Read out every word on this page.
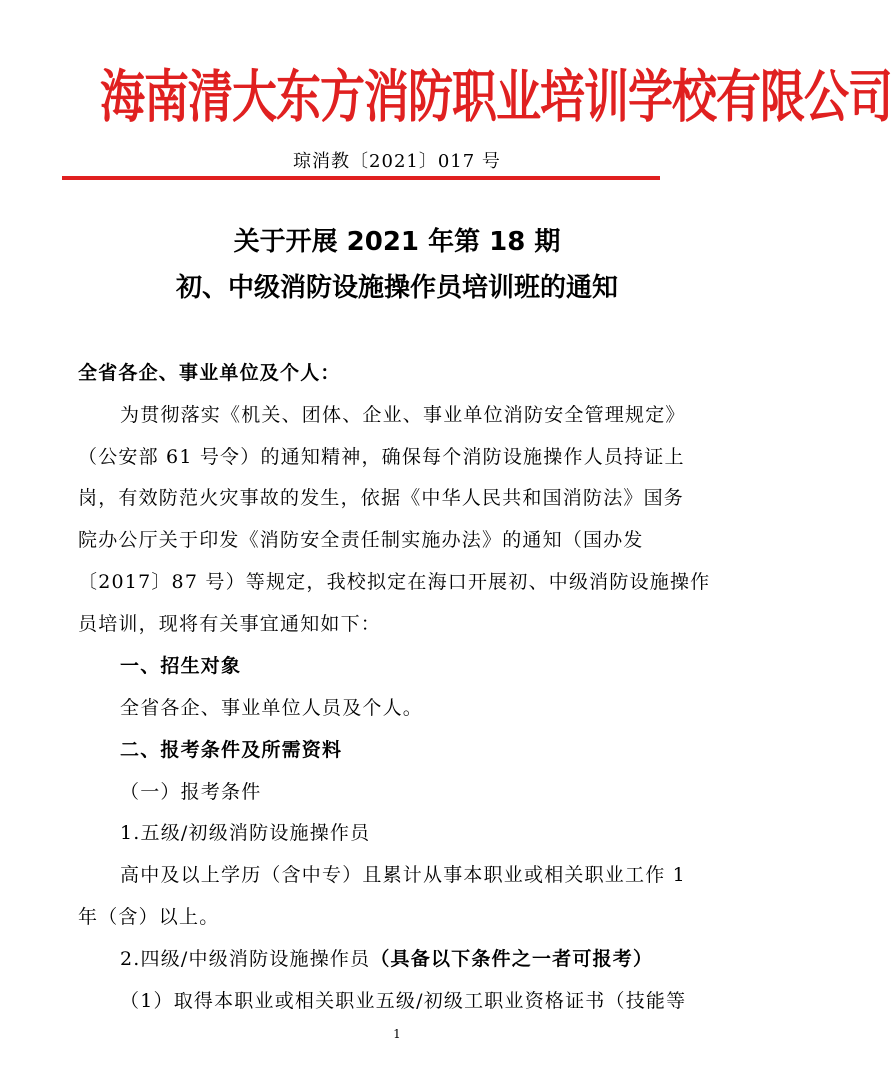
海南清大东方消防职业培训学校有限公司
琼消教〔2021〕017 号
关于开展 2021 年第 18 期
初、中级消防设施操作员培训班的通知
全省各企、事业单位及个人：
为贯彻落实《机关、团体、企业、事业单位消防安全管理规定》
（公安部 61 号令）的通知精神，确保每个消防设施操作人员持证上
岗，有效防范火灾事故的发生，依据《中华人民共和国消防法》国务
院办公厅关于印发《消防安全责任制实施办法》的通知（国办发
〔2017〕87 号）等规定，我校拟定在海口开展初、中级消防设施操作
员培训，现将有关事宜通知如下：
一、招生对象
全省各企、事业单位人员及个人。
二、报考条件及所需资料
（一）报考条件
1.五级/初级消防设施操作员
高中及以上学历（含中专）且累计从事本职业或相关职业工作 1
年（含）以上。
2.四级/中级消防设施操作员（具备以下条件之一者可报考）
（1）取得本职业或相关职业五级/初级工职业资格证书（技能等
1
